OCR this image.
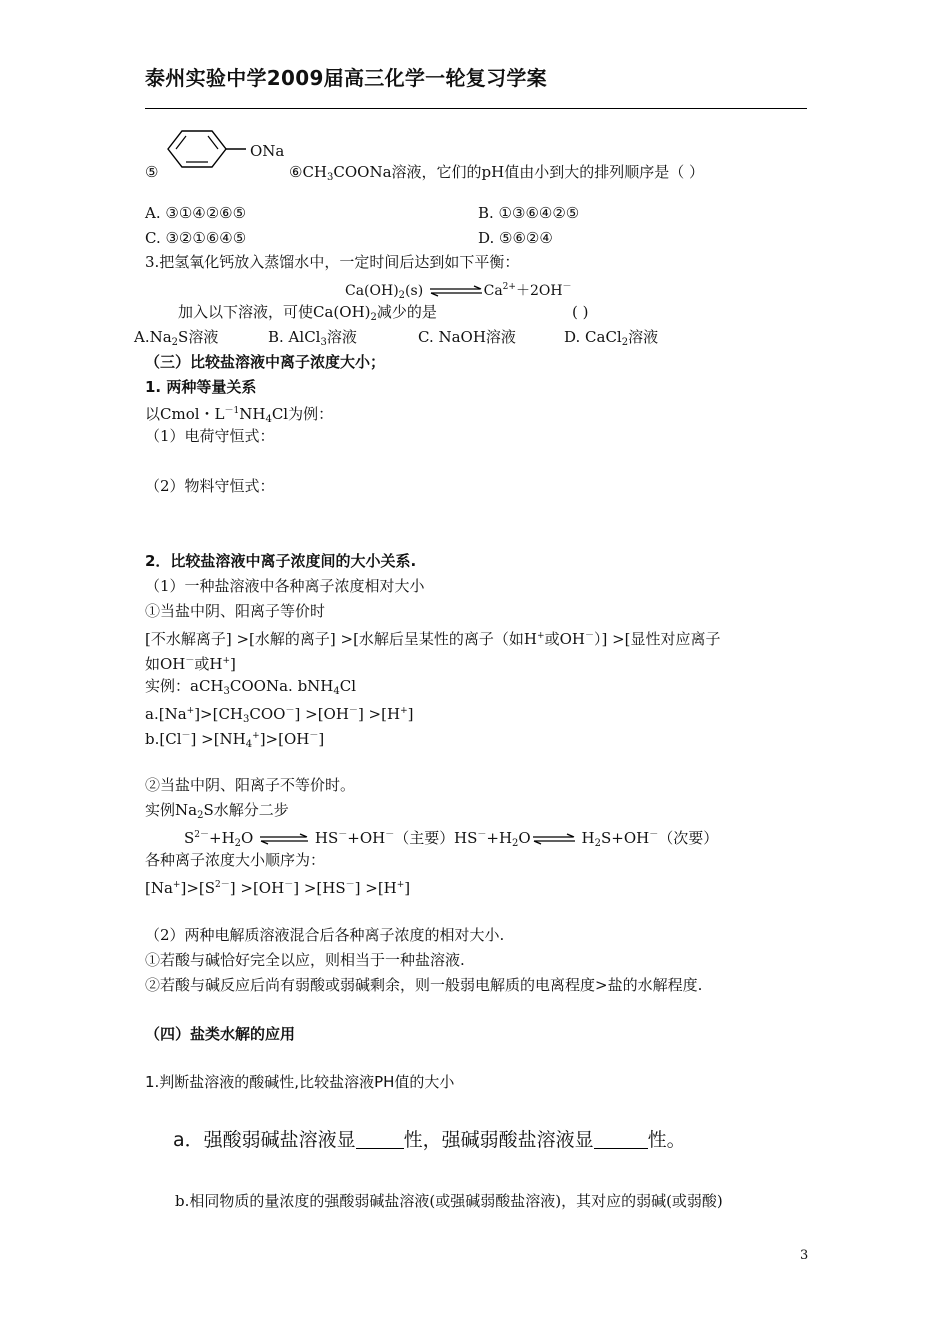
泰州实验中学2009届高三化学一轮复习学案
ONa
⑤	$⑥CH_3COONa$溶液，它们的pH值由小到大的排列顺序是（ ）
A. ③①④②⑥⑤	B. ①③⑥④②⑤
C. ③②①⑥④⑤	D. ⑤⑥②④
3.把氢氧化钙放入蒸馏水中，一定时间后达到如下平衡：
$Ca(OH)_2(s)$ $\rightleftharpoons Ca^{2+}+2OH^-$
加入以下溶液，可使$Ca(OH)_2$减少的是	( )
$A.Na_2S$溶液	B. AlCl$_3$溶液	C. NaOH溶液	D. CaCl$_2$溶液
（三）比较盐溶液中离子浓度大小；
1. 两种等量关系
以Cmol・$L^{-1}NH_4Cl$为例：
（1）电荷守恒式：
（2）物料守恒式：
2．比较盐溶液中离子浓度间的大小关系.
（1）一种盐溶液中各种离子浓度相对大小
①当盐中阴、阳离子等价时
[不水解离子] >[水解的离子] >[水解后呈某性的离子（如H+或OH－）] >[显性对应离子
如OH－或H+]
实例：aCH$_3$COONa. bNH$_4$Cl
$a.[Na^+]>[CH_3COO^-] >[OH^-] >[H^+]$
$b.[Cl^-] >[NH_4^+]>[OH^-]$
②当盐中阴、阳离子不等价时。
实例$Na_2S$水解分二步
$S^{2-}+H_2O$ ⇌ HS－+OH－（主要） $HS^-+H_2O\rightleftharpoons$ $H_2S+OH^-$（次要）
各种离子浓度大小顺序为：
$[Na^+]>[S^{2-}] >[OH^-] >[HS^-] >[H^+]$
（2）两种电解质溶液混合后各种离子浓度的相对大小.
①若酸与碱恰好完全以应，则相当于一种盐溶液.
②若酸与碱反应后尚有弱酸或弱碱剩余，则一般弱电解质的电离程度>盐的水解程度.
（四）盐类水解的应用
1.判断盐溶液的酸碱性,比较盐溶液PH值的大小
a．强酸弱碱盐溶液显	性，强碱弱酸盐溶液显	性。
b.相同物质的量浓度的强酸弱碱盐溶液(或强碱弱酸盐溶液)，其对应的弱碱(或弱酸)
3
